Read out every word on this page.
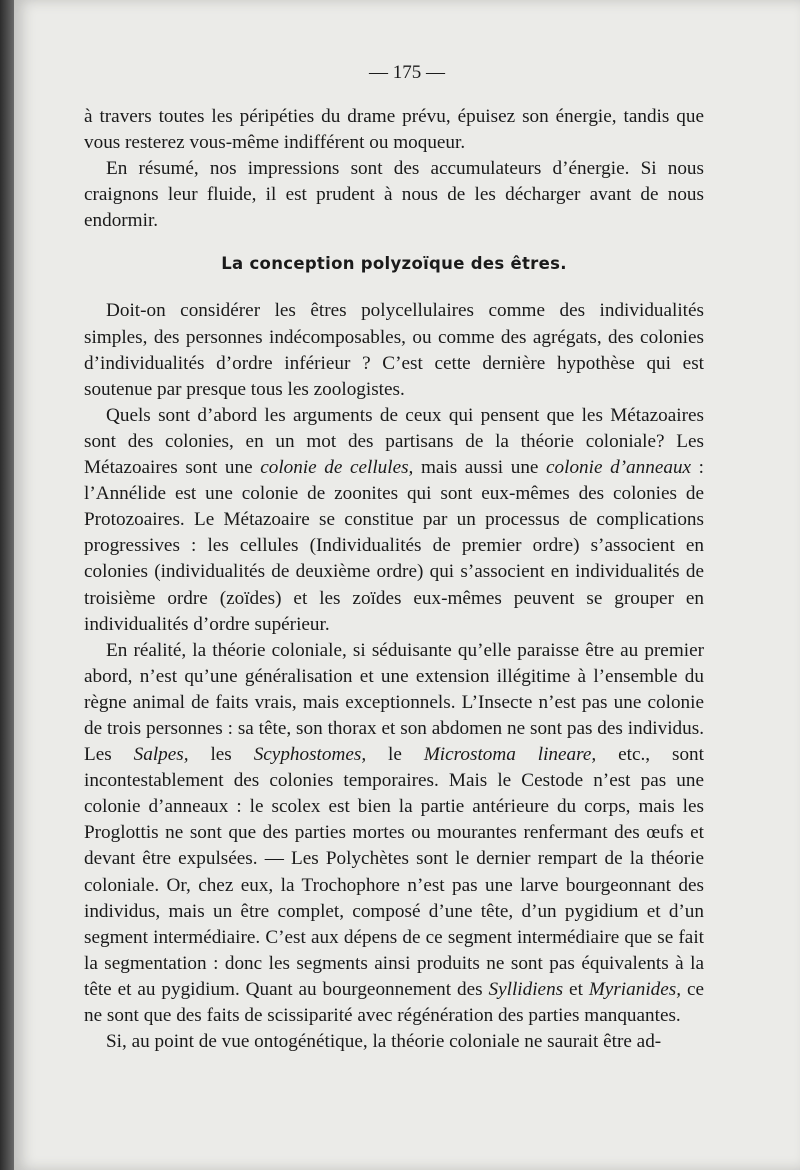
— 175 —

à travers toutes les péripéties du drame prévu, épuisez son énergie, tandis que vous resterez vous-même indifférent ou moqueur.

En résumé, nos impressions sont des accumulateurs d’énergie. Si nous craignons leur fluide, il est prudent à nous de les décharger avant de nous endormir.

La conception polyzoïque des êtres.

Doit-on considérer les êtres polycellulaires comme des individualités simples, des personnes indécomposables, ou comme des agrégats, des colonies d’individualités d’ordre inférieur ? C’est cette dernière hypothèse qui est soutenue par presque tous les zoologistes.

Quels sont d’abord les arguments de ceux qui pensent que les Métazoaires sont des colonies, en un mot des partisans de la théorie coloniale? Les Métazoaires sont une colonie de cellules, mais aussi une colonie d’anneaux : l’Annélide est une colonie de zoonites qui sont eux-mêmes des colonies de Protozoaires. Le Métazoaire se constitue par un processus de complications progressives : les cellules (Individualités de premier ordre) s’associent en colonies (individualités de deuxième ordre) qui s’associent en individualités de troisième ordre (zoïdes) et les zoïdes eux-mêmes peuvent se grouper en individualités d’ordre supérieur.

En réalité, la théorie coloniale, si séduisante qu’elle paraisse être au premier abord, n’est qu’une généralisation et une extension illégitime à l’ensemble du règne animal de faits vrais, mais exceptionnels. L’Insecte n’est pas une colonie de trois personnes : sa tête, son thorax et son abdomen ne sont pas des individus. Les Salpes, les Scyphostomes, le Microstoma lineare, etc., sont incontestablement des colonies temporaires. Mais le Cestode n’est pas une colonie d’anneaux : le scolex est bien la partie antérieure du corps, mais les Proglottis ne sont que des parties mortes ou mourantes renfermant des œufs et devant être expulsées. — Les Polychètes sont le dernier rempart de la théorie coloniale. Or, chez eux, la Trochophore n’est pas une larve bourgeonnant des individus, mais un être complet, composé d’une tête, d’un pygidium et d’un segment intermédiaire. C’est aux dépens de ce segment intermédiaire que se fait la segmentation : donc les segments ainsi produits ne sont pas équivalents à la tête et au pygidium. Quant au bourgeonnement des Syllidiens et Myrianides, ce ne sont que des faits de scissiparité avec régénération des parties manquantes.

Si, au point de vue ontogénétique, la théorie coloniale ne saurait être ad-
